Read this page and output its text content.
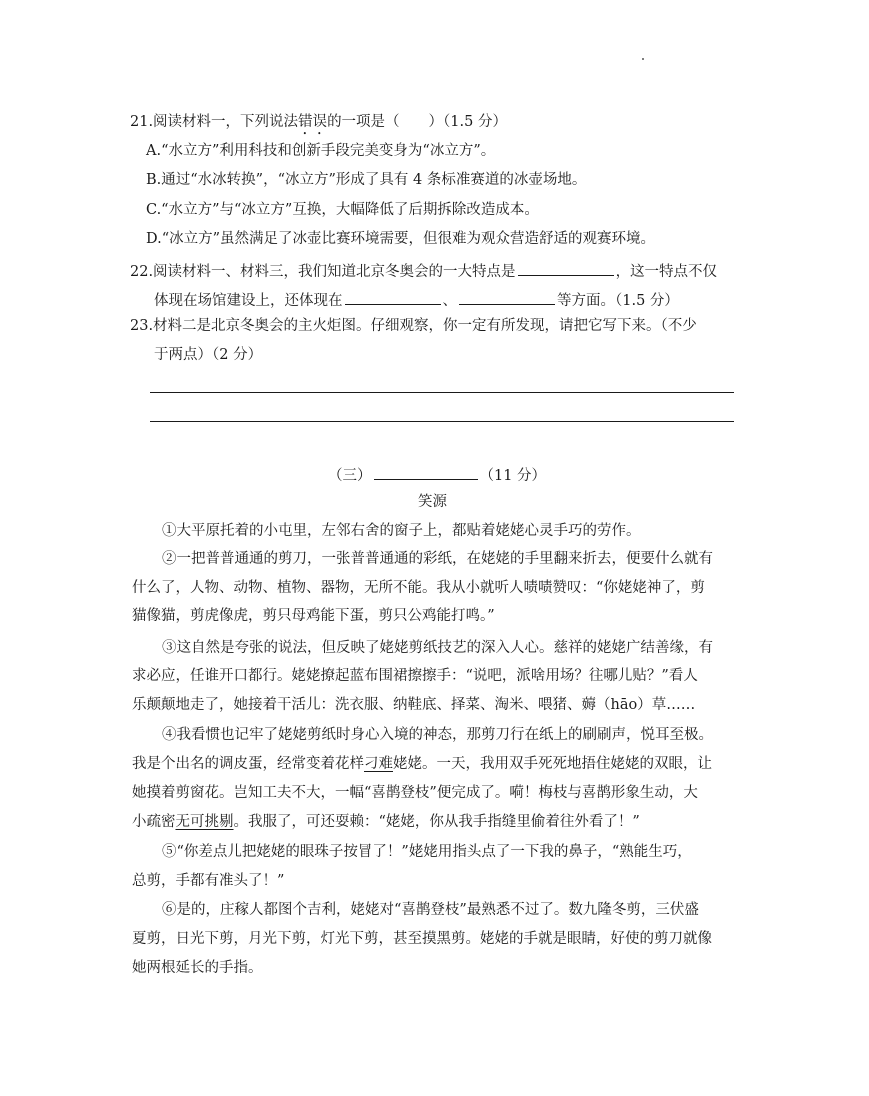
21.阅读材料一，下列说法错误的一项是（　　）（1.5 分）
A.“水立方”利用科技和创新手段完美变身为“冰立方”。
B.通过“水冰转换”，“冰立方”形成了具有 4 条标准赛道的冰壶场地。
C.“水立方”与“冰立方”互换，大幅降低了后期拆除改造成本。
D.“冰立方”虽然满足了冰壶比赛环境需要，但很难为观众营造舒适的观赛环境。
22.阅读材料一、材料三，我们知道北京冬奥会的一大特点是	，这一特点不仅
体现在场馆建设上，还体现在	、	等方面。（1.5 分）
23.材料二是北京冬奥会的主火炬图。仔细观察，你一定有所发现，请把它写下来。（不少
于两点）（2 分）
（三）	（11 分）
笑源
①大平原托着的小屯里，左邻右舍的窗子上，都贴着姥姥心灵手巧的劳作。
②一把普普通通的剪刀，一张普普通通的彩纸，在姥姥的手里翻来折去，便要什么就有
什么了，人物、动物、植物、器物，无所不能。我从小就听人啧啧赞叹：“你姥姥神了，剪
猫像猫，剪虎像虎，剪只母鸡能下蛋，剪只公鸡能打鸣。”
③这自然是夸张的说法，但反映了姥姥剪纸技艺的深入人心。慈祥的姥姥广结善缘，有
求必应，任谁开口都行。姥姥撩起蓝布围裙擦擦手：“说吧，派啥用场？往哪儿贴？”看人
乐颠颠地走了，她接着干活儿：洗衣服、纳鞋底、择菜、淘米、喂猪、薅（hāo）草……
④我看惯也记牢了姥姥剪纸时身心入境的神态，那剪刀行在纸上的刷刷声，悦耳至极。
我是个出名的调皮蛋，经常变着花样刁难姥姥。一天，我用双手死死地捂住姥姥的双眼，让
她摸着剪窗花。岂知工夫不大，一幅“喜鹊登枝”便完成了。嗬！梅枝与喜鹊形象生动，大
小疏密无可挑剔。我服了，可还耍赖：“姥姥，你从我手指缝里偷着往外看了！”
⑤“你差点儿把姥姥的眼珠子按冒了！”姥姥用指头点了一下我的鼻子，“熟能生巧，
总剪，手都有准头了！”
⑥是的，庄稼人都图个吉利，姥姥对“喜鹊登枝”最熟悉不过了。数九隆冬剪，三伏盛
夏剪，日光下剪，月光下剪，灯光下剪，甚至摸黑剪。姥姥的手就是眼睛，好使的剪刀就像
她两根延长的手指。
